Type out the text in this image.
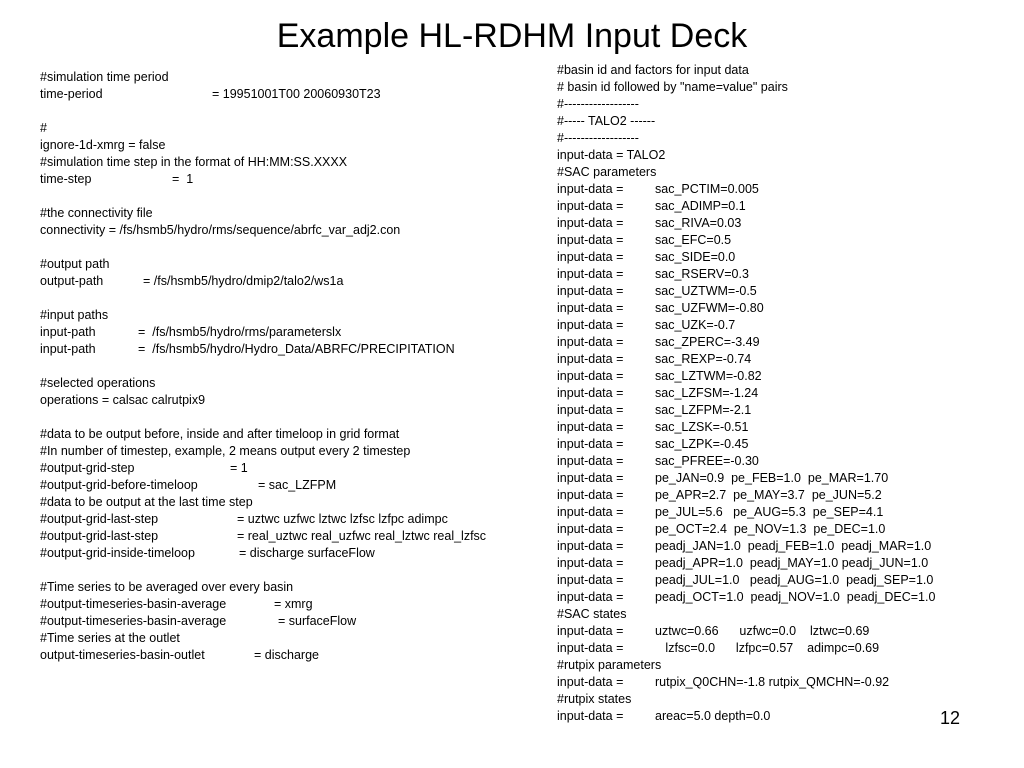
Example HL-RDHM Input Deck
#simulation time period
time-period	= 19951001T00 20060930T23
#
ignore-1d-xmrg = false
#simulation time step in the format of HH:MM:SS.XXXX
time-step	=  1
#the connectivity file
connectivity = /fs/hsmb5/hydro/rms/sequence/abrfc_var_adj2.con
#output path
output-path	= /fs/hsmb5/hydro/dmip2/talo2/ws1a
#input paths
input-path	=  /fs/hsmb5/hydro/rms/parameterslx
input-path	=  /fs/hsmb5/hydro/Hydro_Data/ABRFC/PRECIPITATION
#selected operations
operations = calsac calrutpix9
#data to be output before, inside and after timeloop in grid format
#In number of timestep, example, 2 means output every 2 timestep
#output-grid-step	= 1
#output-grid-before-timeloop	= sac_LZFPM
#data to be output at the last time step
#output-grid-last-step	= uztwc uzfwc lztwc lzfsc lzfpc adimpc
#output-grid-last-step	= real_uztwc real_uzfwc real_lztwc real_lzfsc
#output-grid-inside-timeloop	= discharge surfaceFlow
#Time series to be averaged over every basin
#output-timeseries-basin-average	= xmrg
#output-timeseries-basin-average	= surfaceFlow
#Time series at the outlet
output-timeseries-basin-outlet	= discharge
#basin id and factors for input data
# basin id followed by "name=value" pairs
#------------------
#----- TALO2 ------
#------------------
input-data = TALO2
#SAC parameters
input-data =	sac_PCTIM=0.005
input-data =	sac_ADIMP=0.1
input-data =	sac_RIVA=0.03
input-data =	sac_EFC=0.5
input-data =	sac_SIDE=0.0
input-data =	sac_RSERV=0.3
input-data =	sac_UZTWM=-0.5
input-data =	sac_UZFWM=-0.80
input-data =	sac_UZK=-0.7
input-data =	sac_ZPERC=-3.49
input-data =	sac_REXP=-0.74
input-data =	sac_LZTWM=-0.82
input-data =	sac_LZFSM=-1.24
input-data =	sac_LZFPM=-2.1
input-data =	sac_LZSK=-0.51
input-data =	sac_LZPK=-0.45
input-data =	sac_PFREE=-0.30
input-data =	pe_JAN=0.9  pe_FEB=1.0  pe_MAR=1.70
input-data =	pe_APR=2.7  pe_MAY=3.7  pe_JUN=5.2
input-data =	pe_JUL=5.6   pe_AUG=5.3  pe_SEP=4.1
input-data =	pe_OCT=2.4  pe_NOV=1.3  pe_DEC=1.0
input-data =	peadj_JAN=1.0  peadj_FEB=1.0  peadj_MAR=1.0
input-data =	peadj_APR=1.0  peadj_MAY=1.0 peadj_JUN=1.0
input-data =	peadj_JUL=1.0   peadj_AUG=1.0  peadj_SEP=1.0
input-data =	peadj_OCT=1.0  peadj_NOV=1.0  peadj_DEC=1.0
#SAC states
input-data =	uztwc=0.66      uzfwc=0.0    lztwc=0.69
input-data =	lzfsc=0.0      lzfpc=0.57    adimpc=0.69
#rutpix parameters
input-data =	rutpix_Q0CHN=-1.8 rutpix_QMCHN=-0.92
#rutpix states
input-data =	areac=5.0 depth=0.0	12
